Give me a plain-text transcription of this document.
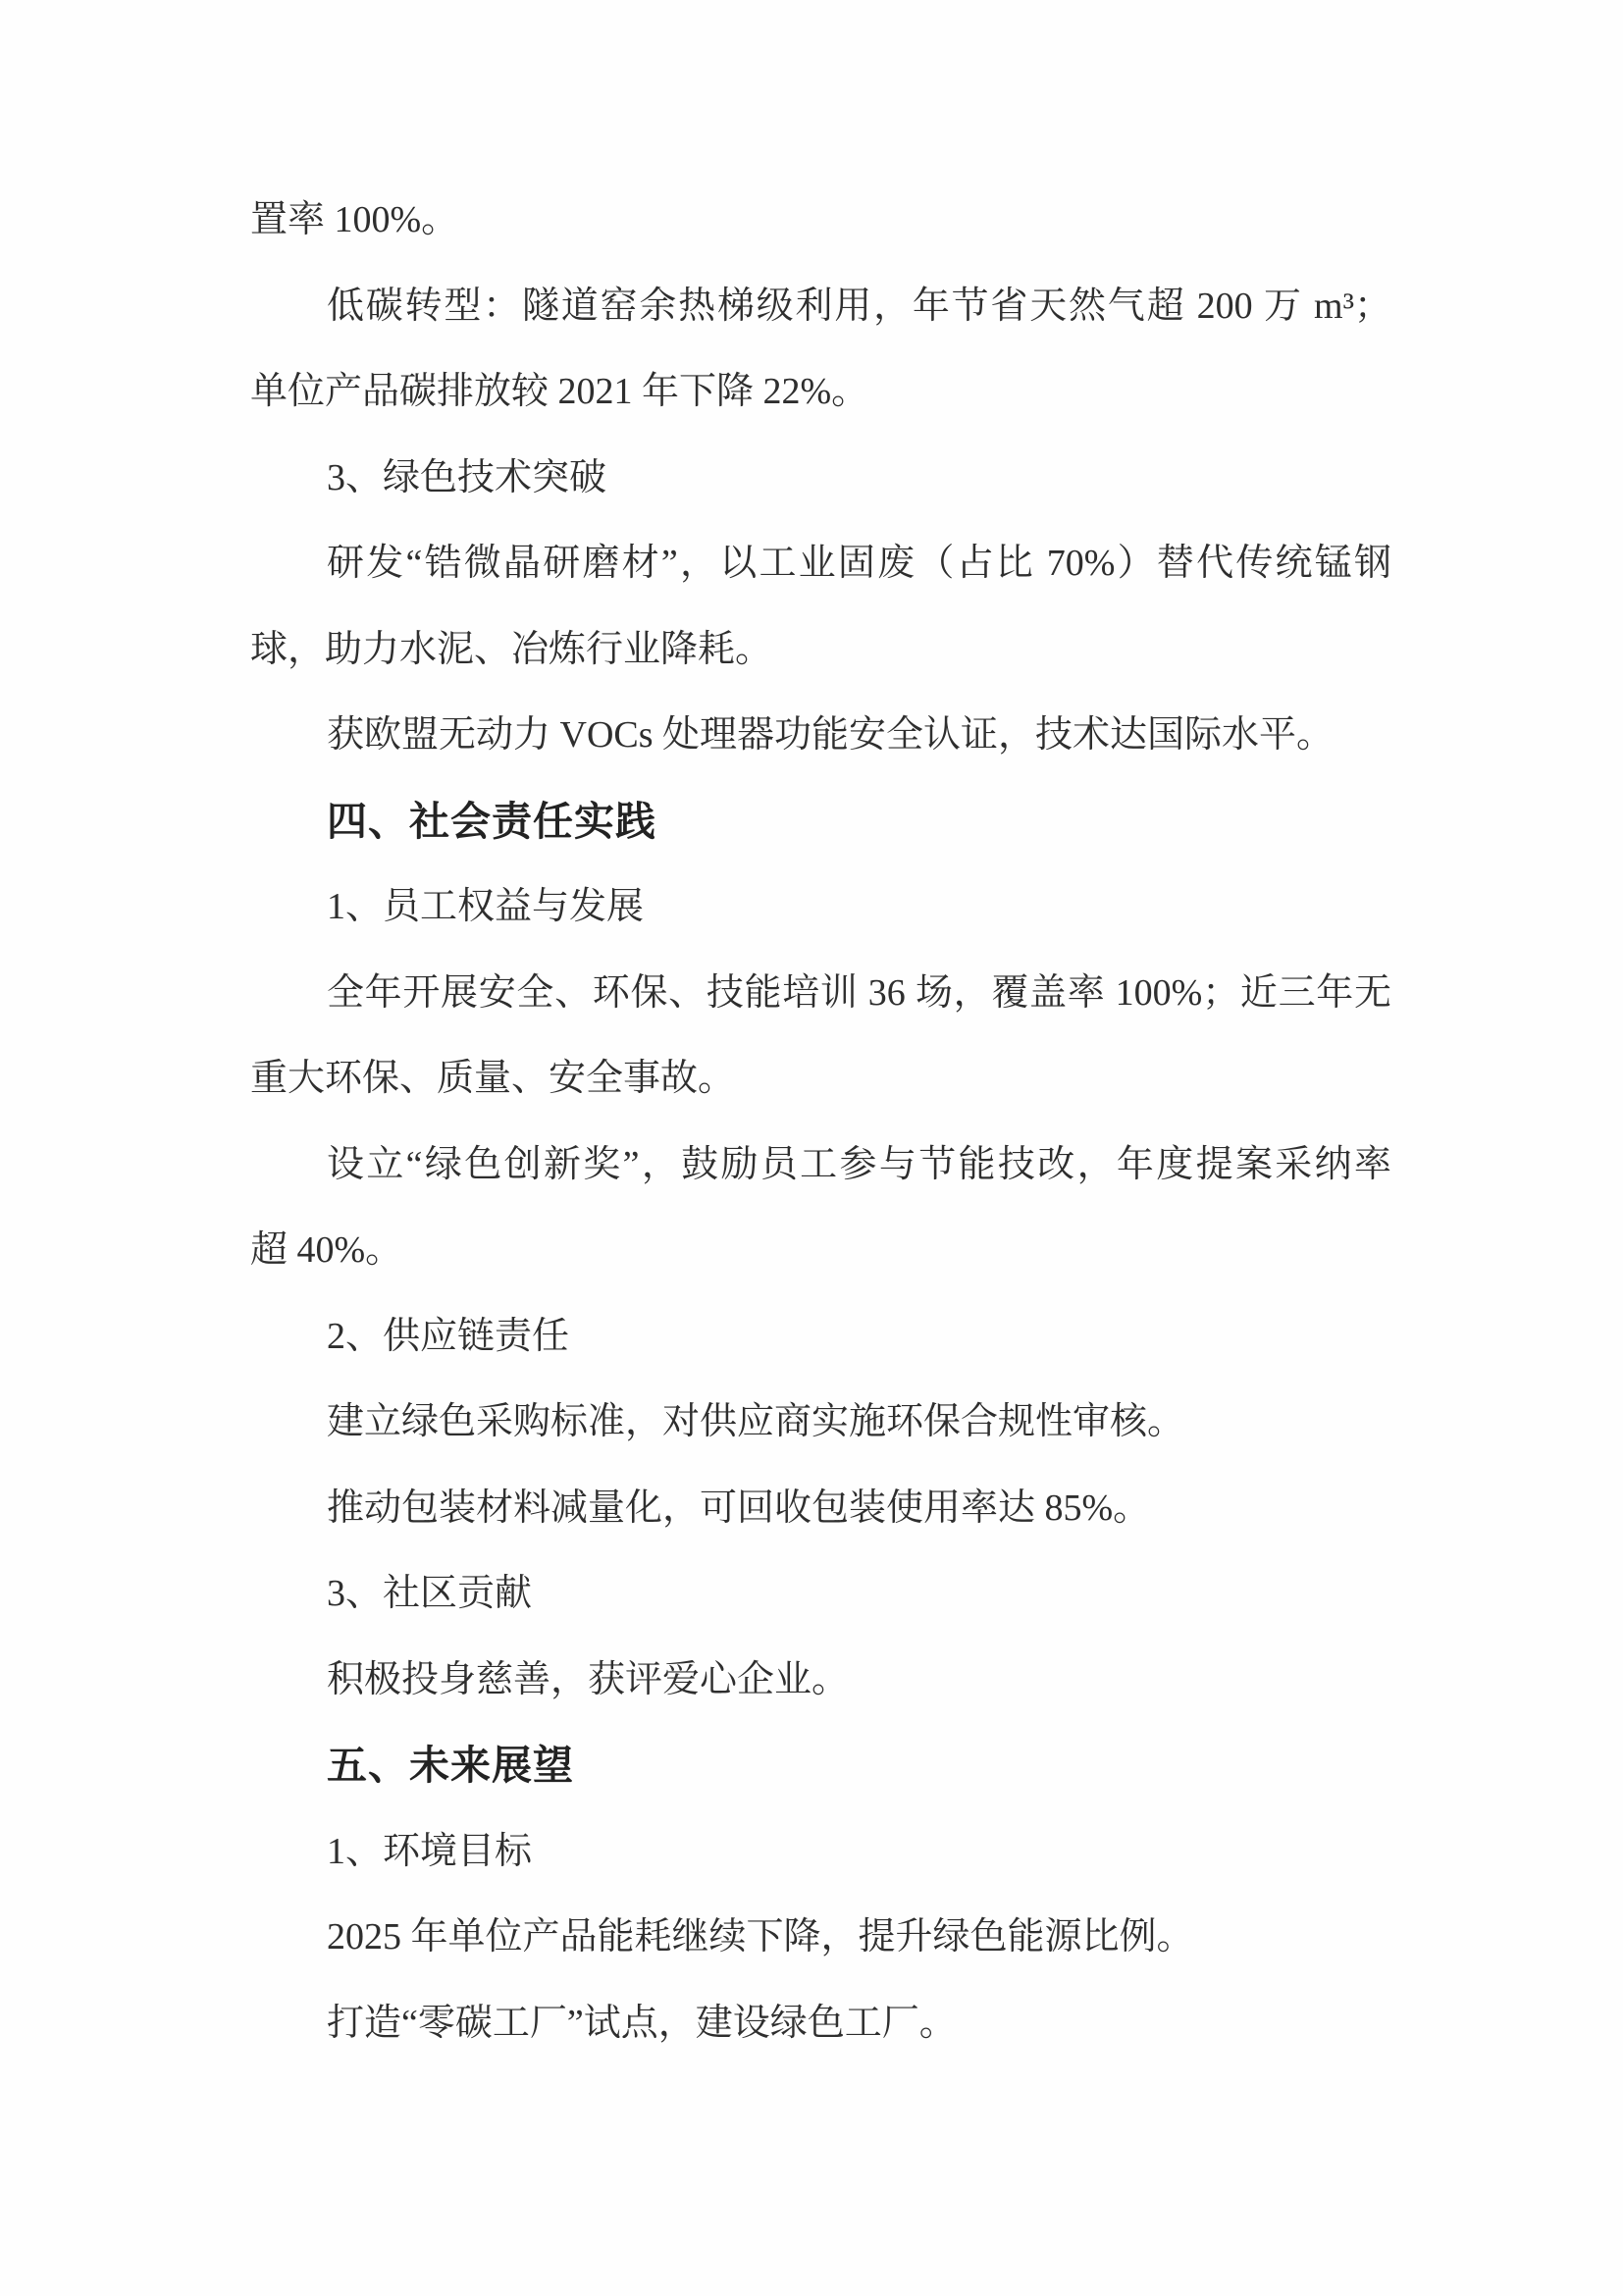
置率 100%。

低碳转型：隧道窑余热梯级利用，年节省天然气超 200 万 m³；

单位产品碳排放较 2021 年下降 22%。

3、绿色技术突破

研发“锆微晶研磨材”，以工业固废（占比 70%）替代传统锰钢

球，助力水泥、冶炼行业降耗。

获欧盟无动力 VOCs 处理器功能安全认证，技术达国际水平。

四、社会责任实践

1、员工权益与发展

全年开展安全、环保、技能培训 36 场，覆盖率 100%；近三年无

重大环保、质量、安全事故。

设立“绿色创新奖”，鼓励员工参与节能技改，年度提案采纳率

超 40%。

2、供应链责任

建立绿色采购标准，对供应商实施环保合规性审核。

推动包装材料减量化，可回收包装使用率达 85%。

3、社区贡献

积极投身慈善，获评爱心企业。

五、未来展望

1、环境目标

2025 年单位产品能耗继续下降，提升绿色能源比例。

打造“零碳工厂”试点，建设绿色工厂。
